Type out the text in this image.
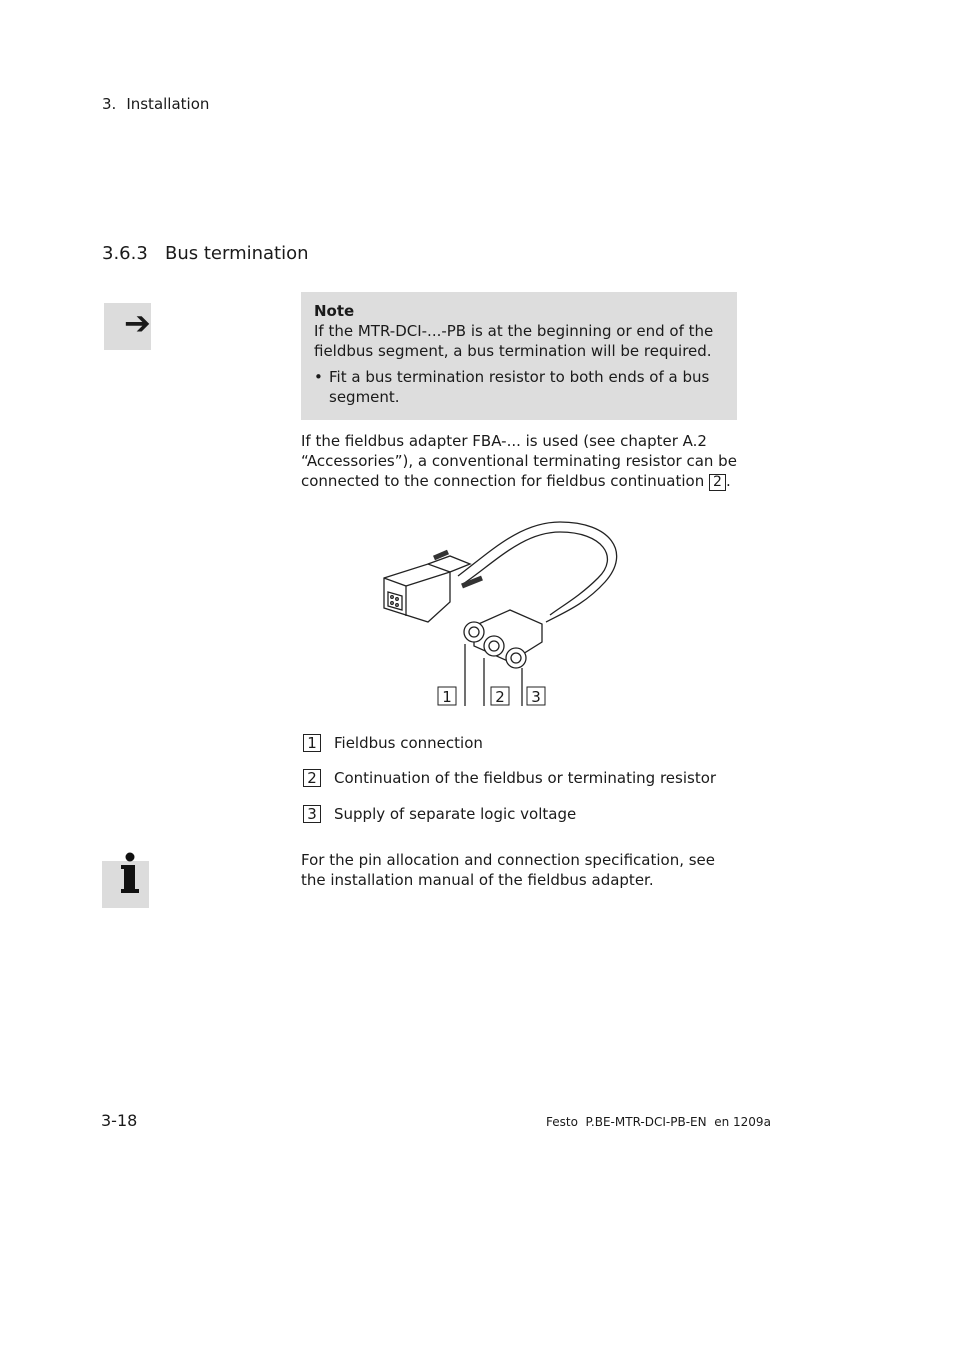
3. Installation
3.6.3 Bus termination
➔	Note
If the MTR-DCI-...-PB is at the beginning or end of the fieldbus segment, a bus termination will be required.
• Fit a bus termination resistor to both ends of a bus segment.
If the fieldbus adapter FBA-... is used (see chapter A.2 “Accessories”), a conventional terminating resistor can be connected to the connection for fieldbus continuation 2 .
1	2 3
1 Fieldbus connection
2 Continuation of the fieldbus or terminating resistor
3 Supply of separate logic voltage
For the pin allocation and connection specification, see the installation manual of the fieldbus adapter.
3-18	Festo  P.BE-MTR-DCI-PB-EN  en 1209a
